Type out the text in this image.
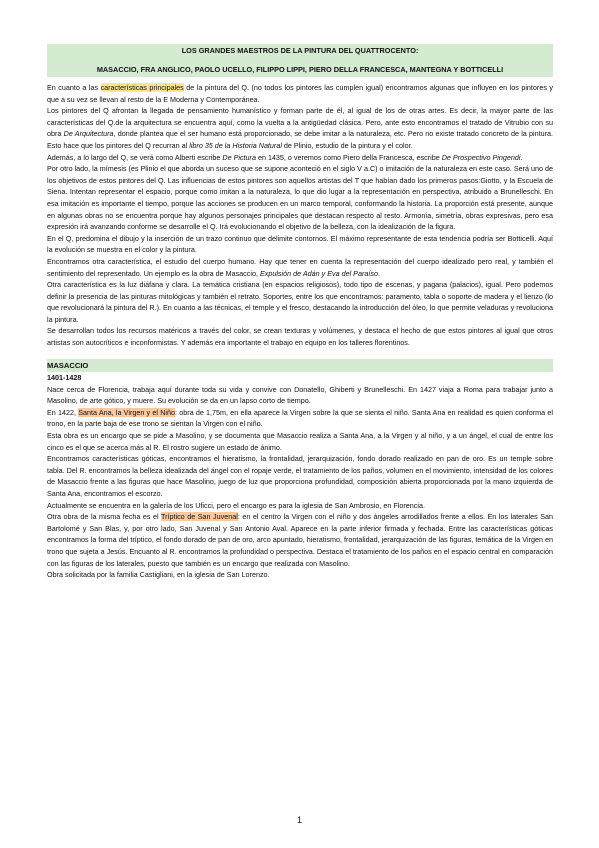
LOS GRANDES MAESTROS DE LA PINTURA DEL QUATTROCENTO:
MASACCIO, FRA ANGLICO, PAOLO UCELLO, FILIPPO LIPPI, PIERO DELLA FRANCESCA, MANTEGNA Y BOTTICELLI

En cuanto a las características principales de la pintura del Q. (no todos los pintores las cumplen igual) encontramos algunas que influyen en los pintores y que a su vez se llevan al resto de la E Moderna y Contemporánea.

Los pintores del Q afrontan la llegada de pensamiento humanístico y forman parte de él, al igual de los de otras artes. Es decir, la mayor parte de las características del Q.de la arquitectura se encuentra aquí, como la vuelta a la antigüedad clásica. Pero, ante esto encontramos el tratado de Vitrubio con su obra De Arquitectura, donde plantea que el ser humano está proporcionado, se debe imitar a la naturaleza, etc. Pero no existe tratado concreto de la pintura. Esto hace que los pintores del Q recurran al libro 35 de la Historia Natural de Plinio, estudio de la pintura y el color.

Además, a lo largo del Q, se verá como Alberti escribe De Pictura en 1435, o veremos como Piero della Francesca, escribe De Prospectivo Pingendi.

Por otro lado, la mímesis (es Plinio el que aborda un suceso que se supone aconteció en el siglo V a.C) o imitación de la naturaleza en este caso. Será uno de los objetivos de estos pintores del Q. Las influencias de estos pintores son aquellos artistas del T que habían dado los primeros pasos:Giotto, y la Escuela de Siena. Intentan representar el espacio, porque como imitan a la naturaleza, lo que dio lugar a la representación en perspectiva, atribuido a Brunelleschi. En esa imitación es importante el tiempo, porque las acciones se producen en un marco temporal, conformando la historia. La proporción está presente, aunque en algunas obras no se encuentra porque hay algunos personajes principales que destacan respecto al resto. Armonía, simetría, obras expresivas, pero esa expresión irá avanzando conforme se desarrolle el Q. Irá evolucionando el objetivo de la belleza, con la idealización de la figura.

En el Q, predomina el dibujo y la inserción de un trazo continuo que delimite contornos. El máximo representante de esta tendencia podría ser Botticelli. Aquí la evolución se muestra en el color y la pintura.

Encontramos otra característica, el estudio del cuerpo humano. Hay que tener en cuenta la representación del cuerpo idealizado pero real, y también el sentimiento del representado. Un ejemplo es la obra de Masaccio, Expulsión de Adán y Eva del Paraíso.

Otra característica es la luz diáfana y clara. La temática cristiana (en espacios religiosos), todo tipo de escenas, y pagana (palacios), igual. Pero podemos definir la presencia de las pinturas mitológicas y también el retrato. Soportes, entre los que encontramos: paramento, tabla o soporte de madera y el lienzo (lo que revolucionará la pintura del R.). En cuanto a las técnicas, el temple y el fresco, destacando la introducción del óleo, lo que permite veladuras y revoluciona la pintura.

Se desarrollan todos los recursos matéricos a través del color, se crean texturas y volúmenes, y destaca el hecho de que estos pintores al igual que otros artistas son autocríticos e inconformistas. Y además era importante el trabajo en equipo en los talleres florentinos.

MASACCIO
1401-1428

Nace cerca de Florencia, trabaja aquí durante toda su vida y convive con Donatello, Ghiberti y Brunelleschi. En 1427 viaja a Roma para trabajar junto a Masolino, de arte gótico, y muere. Su evolución se da en un lapso corto de tiempo.

En 1422, Santa Ana, la Virgen y el Niño: obra de 1,75m, en ella aparece la Virgen sobre la que se sienta el niño. Santa Ana en realidad es quien conforma el trono, en la parte baja de ese trono se sientan la Virgen con el niño.

Esta obra es un encargo que se pide a Masolino, y se documenta que Masaccio realiza a Santa Ana, a la Virgen y al niño, y a un ángel, el cual de entre los cinco es el que se acerca más al R. El rostro sugiere un estado de ánimo.

Encontramos características góticas, encontramos el hieratismo, la frontalidad, jerarquización, fondo dorado realizado en pan de oro. Es un temple sobre tabla. Del R. encontramos la belleza idealizada del ángel con el ropaje verde, el tratamiento de los paños, volumen en el movimiento, intensidad de los colores de Masaccio frente a las figuras que hace Masolino, juego de luz que proporciona profundidad, composición abierta proporcionada por la mano izquierda de Santa Ana, encontramos el escorzo.

Actualmente se encuentra en la galería de los Uficci, pero el encargo es para la iglesia de San Ambrosio, en Florencia.

Otra obra de la misma fecha es el Tríptico de San Juvenal: en el centro la Virgen con el niño y dos ángeles arrodillados frente a ellos. En los laterales San Bartolomé y San Blas, y, por otro lado, San Juvenal y San Antonio Aval. Aparece en la parte inferior firmada y fechada. Entre las características góticas encontramos la forma del tríptico, el fondo dorado de pan de oro, arco apuntado, hieratismo, frontalidad, jerarquización de las figuras, temática de la Virgen en trono que sujeta a Jesús. Encuanto al R. encontramos la profundidad o perspectiva. Destaca el tratamiento de los paños en el espacio central en comparación con las figuras de los laterales, puesto que también es un encargo que realizada con Masolino.

Obra solicitada por la familia Castigliani, en la iglesia de San Lorenzo.

1
